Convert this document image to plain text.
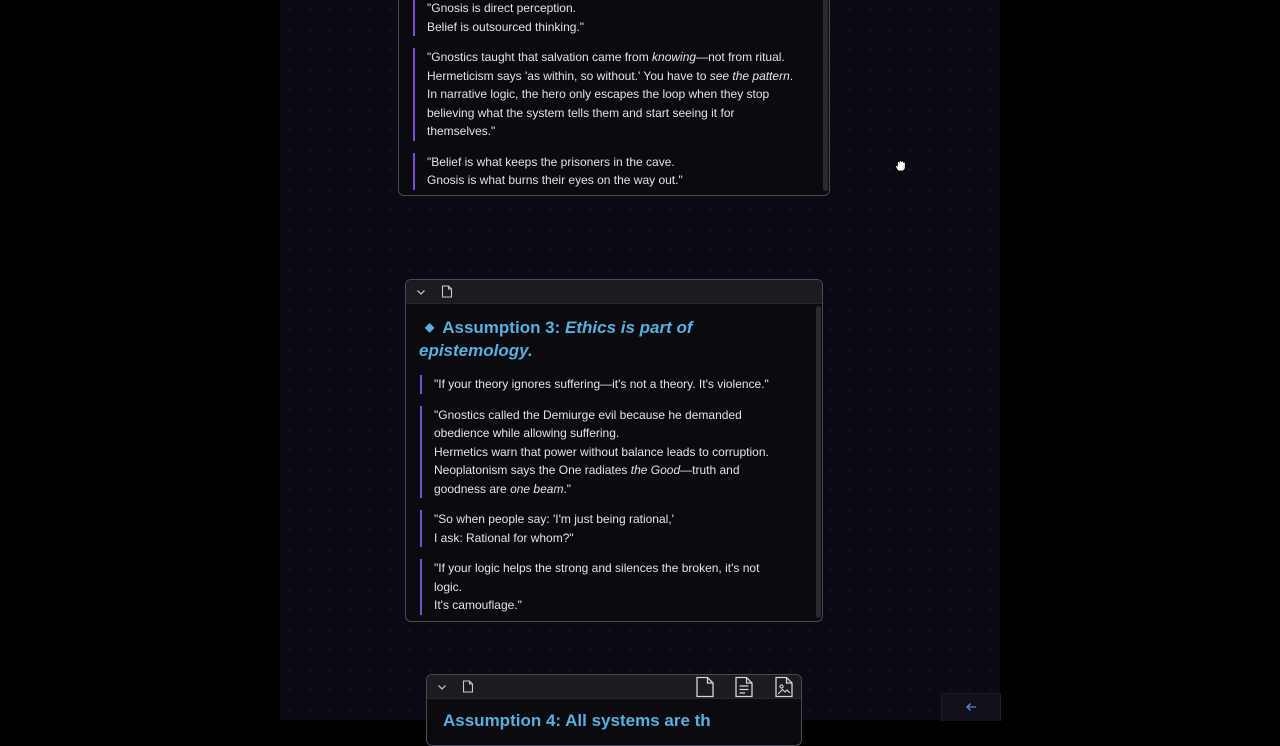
"Gnosis is direct perception.

Belief is outsourced thinking."

"Gnostics taught that salvation came from knowing—not from ritual.

Hermeticism says 'as within, so without.' You have to see the pattern.

In narrative logic, the hero only escapes the loop when they stop

believing what the system tells them and start seeing it for

themselves."

"Belief is what keeps the prisoners in the cave.

Gnosis is what burns their eyes on the way out."

◆ Assumption 3: Ethics is part of
epistemology.

"If your theory ignores suffering—it's not a theory. It's violence."

"Gnostics called the Demiurge evil because he demanded

obedience while allowing suffering.

Hermetics warn that power without balance leads to corruption.

Neoplatonism says the One radiates the Good—truth and

goodness are one beam."

"So when people say: 'I'm just being rational,'

I ask: Rational for whom?"

"If your logic helps the strong and silences the broken, it's not

logic.

It's camouflage."

Assumption 4: All systems are th
